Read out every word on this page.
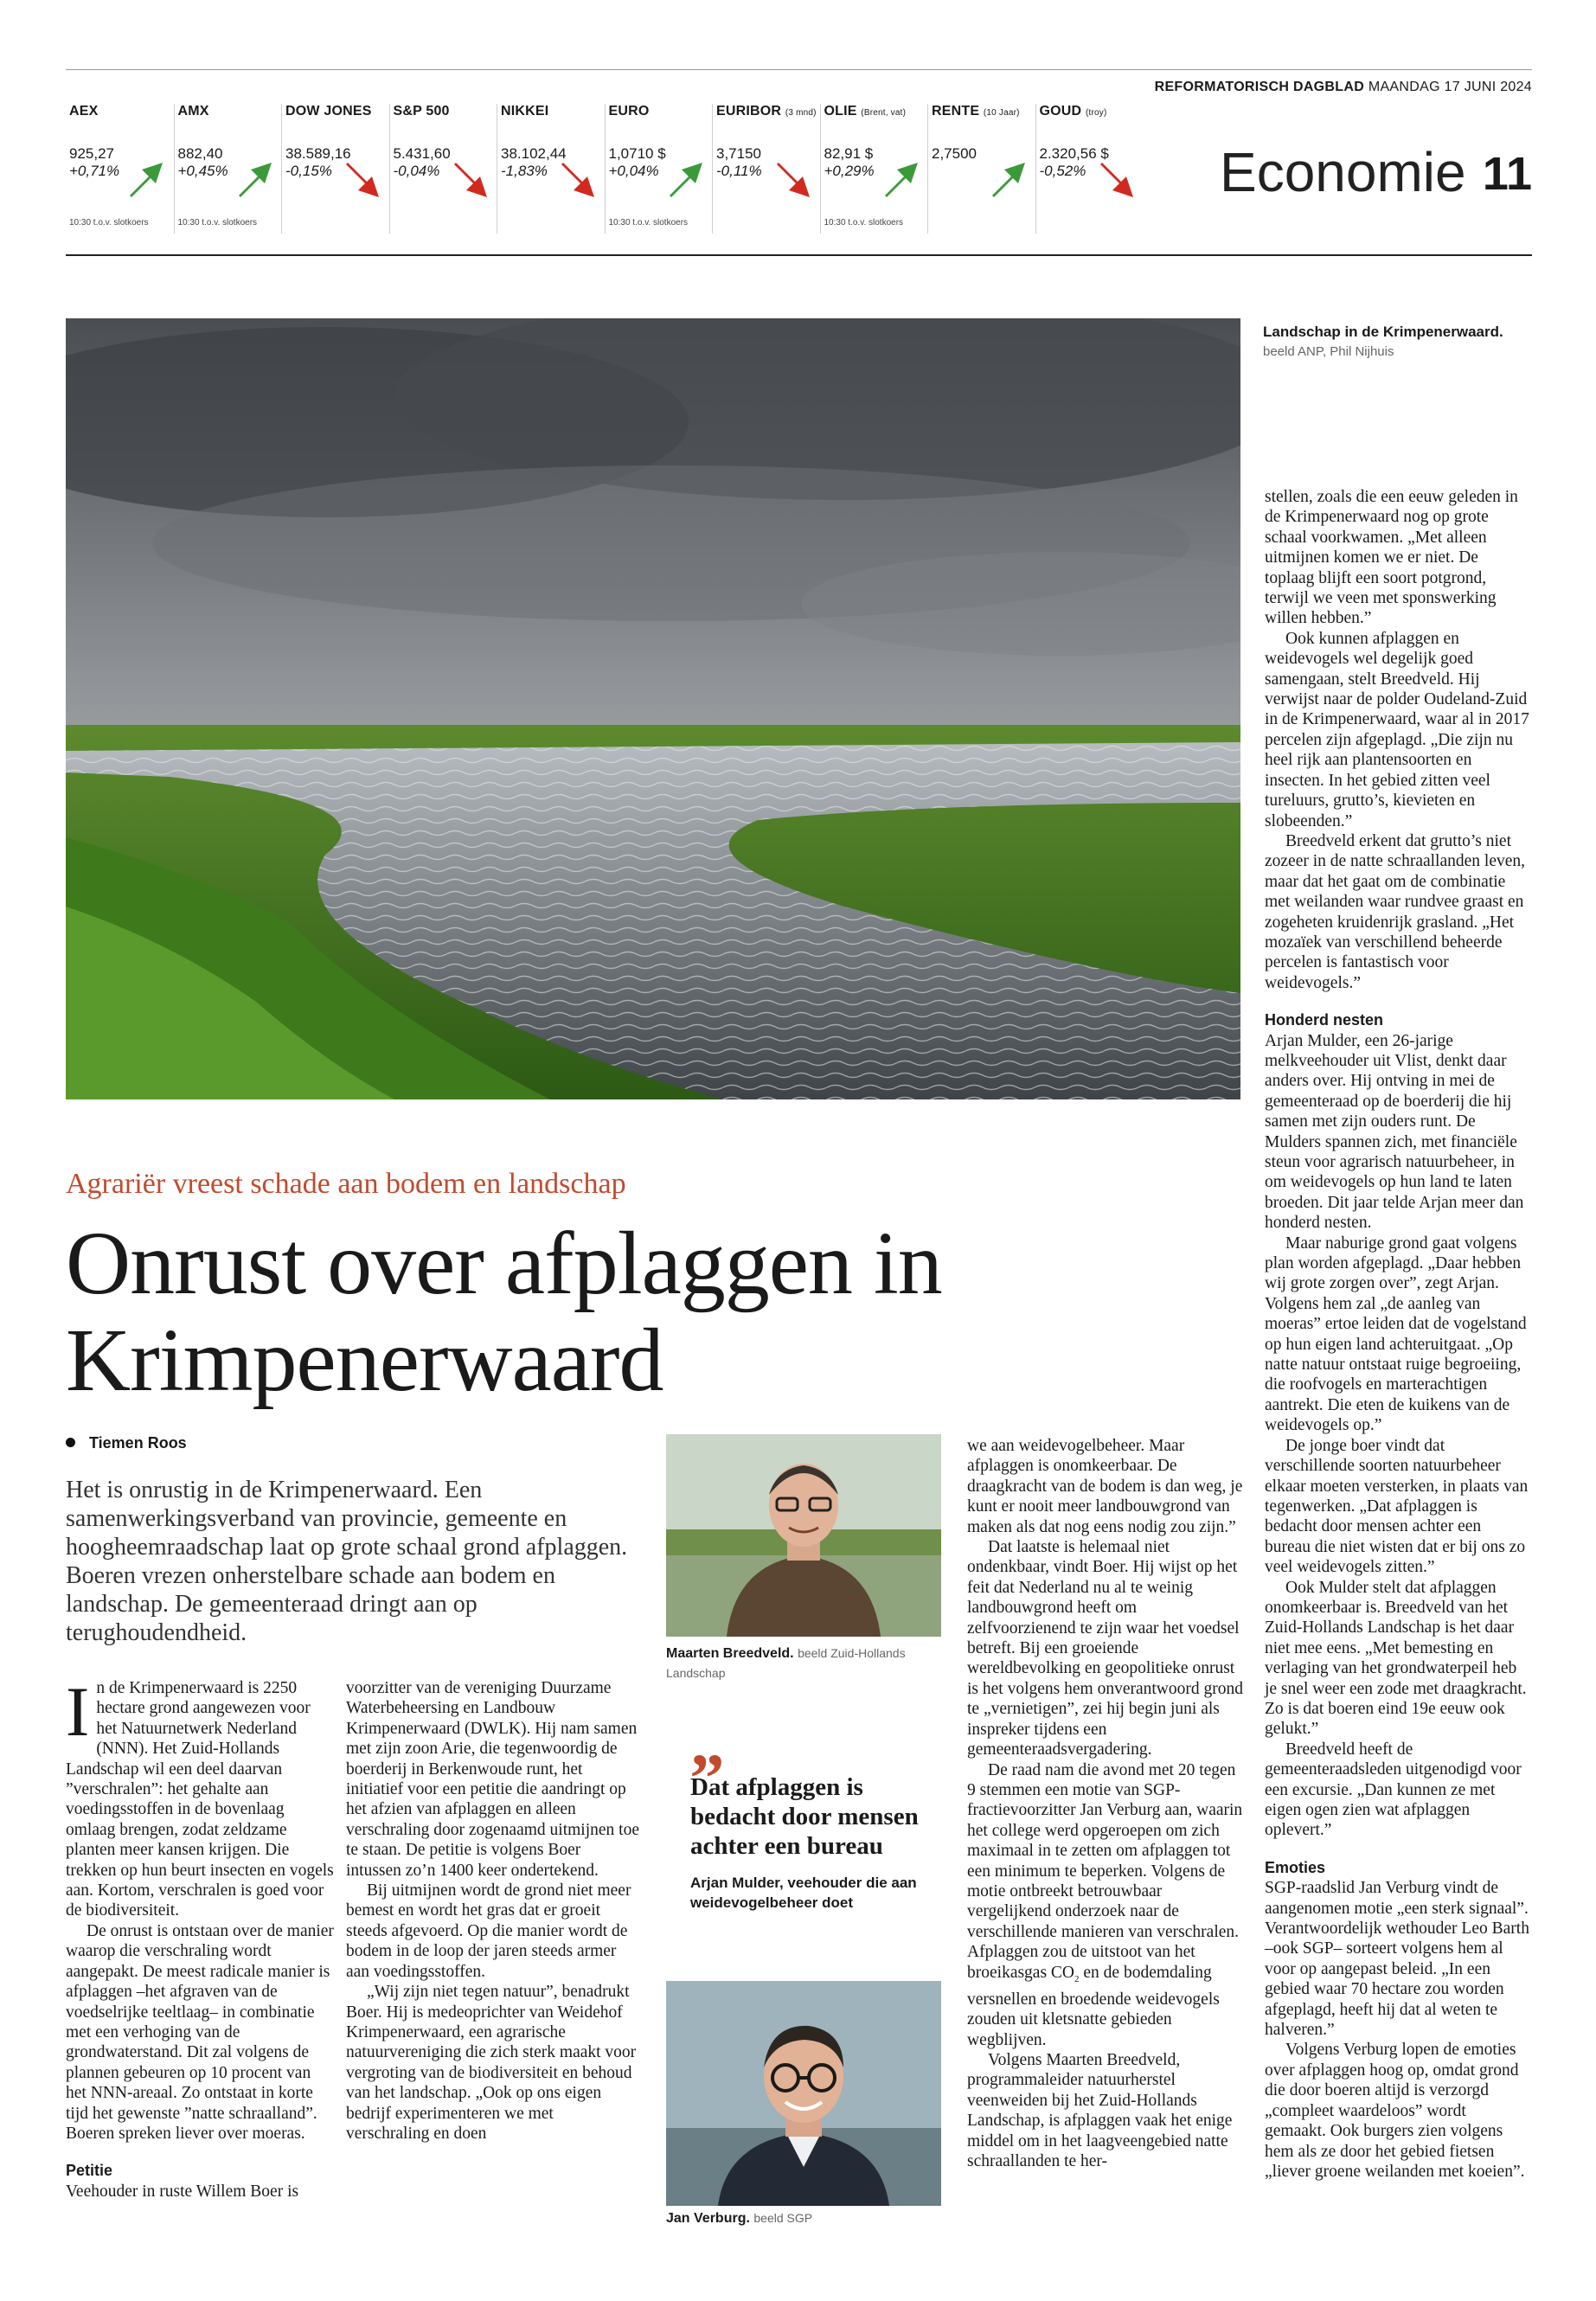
REFORMATORISCH DAGBLAD MAANDAG 17 JUNI 2024
AEX
925,27
+0,71%
10:30 t.o.v. slotkoers
AMX
882,40
+0,45%
10:30 t.o.v. slotkoers
DOW JONES
38.589,16
-0,15%
S&P 500
5.431,60
-0,04%
NIKKEI
38.102,44
-1,83%
EURO
1,0710 $
+0,04%
10:30 t.o.v. slotkoers
EURIBOR (3 mnd)
3,7150
-0,11%
OLIE (Brent, vat)
82,91 $
+0,29%
10:30 t.o.v. slotkoers
RENTE (10 Jaar)
2,7500
GOUD (troy)
2.320,56 $
-0,52%	Economie 11
Landschap in de Krimpenerwaard. beeld ANP, Phil Nijhuis
Agrariër vreest schade aan bodem en landschap
Onrust over afplaggen in Krimpenerwaard
Tiemen Roos
Het is onrustig in de Krimpenerwaard. Een samenwerkingsverband van provincie, gemeente en hoogheemraadschap laat op grote schaal grond afplaggen. Boeren vrezen onherstelbare schade aan bodem en landschap. De gemeenteraad dringt aan op terughoudendheid.

In de Krimpenerwaard is 2250 hectare grond aangewezen voor het Natuurnetwerk Nederland (NNN). Het Zuid-Hollands Landschap wil een deel daarvan ”verschralen”: het gehalte aan voedingsstoffen in de bovenlaag omlaag brengen, zodat zeldzame planten meer kansen krijgen. Die trekken op hun beurt insecten en vogels aan. Kortom, verschralen is goed voor de biodiversiteit.

De onrust is ontstaan over de manier waarop die verschraling wordt aangepakt. De meest radicale manier is afplaggen –het afgraven van de voedselrijke teeltlaag– in combinatie met een verhoging van de grondwaterstand. Dit zal volgens de plannen gebeuren op 10 procent van het NNN-areaal. Zo ontstaat in korte tijd het gewenste ”natte schraalland”. Boeren spreken liever over moeras.

Petitie

Veehouder in ruste Willem Boer is

voorzitter van de vereniging Duurzame Waterbeheersing en Landbouw Krimpenerwaard (DWLK). Hij nam samen met zijn zoon Arie, die tegenwoordig de boerderij in Berkenwoude runt, het initiatief voor een petitie die aandringt op het afzien van afplaggen en alleen verschraling door zogenaamd uitmijnen toe te staan. De petitie is volgens Boer intussen zo’n 1400 keer ondertekend.

Bij uitmijnen wordt de grond niet meer bemest en wordt het gras dat er groeit steeds afgevoerd. Op die manier wordt de bodem in de loop der jaren steeds armer aan voedingsstoffen.

„Wij zijn niet tegen natuur”, benadrukt Boer. Hij is medeoprichter van Weidehof Krimpenerwaard, een agrarische natuurvereniging die zich sterk maakt voor vergroting van de biodiversiteit en behoud van het landschap. „Ook op ons eigen bedrijf experimenteren we met verschraling en doen

Maarten Breedveld. beeld Zuid-Hollands Landschap
„
Dat afplaggen is bedacht door mensen achter een bureau
Arjan Mulder, veehouder die aan weidevogelbeheer doet
Jan Verburg. beeld SGP

we aan weidevogelbeheer. Maar afplaggen is onomkeerbaar. De draagkracht van de bodem is dan weg, je kunt er nooit meer landbouwgrond van maken als dat nog eens nodig zou zijn.”

Dat laatste is helemaal niet ondenkbaar, vindt Boer. Hij wijst op het feit dat Nederland nu al te weinig landbouwgrond heeft om zelfvoorzienend te zijn waar het voedsel betreft. Bij een groeiende wereldbevolking en geopolitieke onrust is het volgens hem onverantwoord grond te „vernietigen”, zei hij begin juni als inspreker tijdens een gemeenteraadsvergadering.

De raad nam die avond met 20 tegen 9 stemmen een motie van SGP-fractievoorzitter Jan Verburg aan, waarin het college werd opgeroepen om zich maximaal in te zetten om afplaggen tot een minimum te beperken. Volgens de motie ontbreekt betrouwbaar vergelijkend onderzoek naar de verschillende manieren van verschralen. Afplaggen zou de uitstoot van het broeikasgas $CO_2$ en de bodemdaling versnellen en broedende weidevogels zouden uit kletsnatte gebieden wegblijven.

Volgens Maarten Breedveld, programmaleider natuurherstel veenweiden bij het Zuid-Hollands Landschap, is afplaggen vaak het enige middel om in het laagveengebied natte schraallanden te her-

stellen, zoals die een eeuw geleden in de Krimpenerwaard nog op grote schaal voorkwamen. „Met alleen uitmijnen komen we er niet. De toplaag blijft een soort potgrond, terwijl we veen met sponswerking willen hebben.”

Ook kunnen afplaggen en weidevogels wel degelijk goed samengaan, stelt Breedveld. Hij verwijst naar de polder Oudeland-Zuid in de Krimpenerwaard, waar al in 2017 percelen zijn afgeplagd. „Die zijn nu heel rijk aan plantensoorten en insecten. In het gebied zitten veel tureluurs, grutto’s, kievieten en slobeenden.”

Breedveld erkent dat grutto’s niet zozeer in de natte schraallanden leven, maar dat het gaat om de combinatie met weilanden waar rundvee graast en zogeheten kruidenrijk grasland. „Het mozaïek van verschillend beheerde percelen is fantastisch voor weidevogels.”

Honderd nesten

Arjan Mulder, een 26-jarige melkveehouder uit Vlist, denkt daar anders over. Hij ontving in mei de gemeenteraad op de boerderij die hij samen met zijn ouders runt. De Mulders spannen zich, met financiële steun voor agrarisch natuurbeheer, in om weidevogels op hun land te laten broeden. Dit jaar telde Arjan meer dan honderd nesten.

Maar naburige grond gaat volgens plan worden afgeplagd. „Daar hebben wij grote zorgen over”, zegt Arjan. Volgens hem zal „de aanleg van moeras” ertoe leiden dat de vogelstand op hun eigen land achteruitgaat. „Op natte natuur ontstaat ruige begroeiing, die roofvogels en marterachtigen aantrekt. Die eten de kuikens van de weidevogels op.”

De jonge boer vindt dat verschillende soorten natuurbeheer elkaar moeten versterken, in plaats van tegenwerken. „Dat afplaggen is bedacht door mensen achter een bureau die niet wisten dat er bij ons zo veel weidevogels zitten.”

Ook Mulder stelt dat afplaggen onomkeerbaar is. Breedveld van het Zuid-Hollands Landschap is het daar niet mee eens. „Met bemesting en verlaging van het grondwaterpeil heb je snel weer een zode met draagkracht. Zo is dat boeren eind 19e eeuw ook gelukt.”

Breedveld heeft de gemeenteraadsleden uitgenodigd voor een excursie. „Dan kunnen ze met eigen ogen zien wat afplaggen oplevert.”

Emoties

SGP-raadslid Jan Verburg vindt de aangenomen motie „een sterk signaal”. Verantwoordelijk wethouder Leo Barth –ook SGP– sorteert volgens hem al voor op aangepast beleid. „In een gebied waar 70 hectare zou worden afgeplagd, heeft hij dat al weten te halveren.”

Volgens Verburg lopen de emoties over afplaggen hoog op, omdat grond die door boeren altijd is verzorgd „compleet waardeloos” wordt gemaakt. Ook burgers zien volgens hem als ze door het gebied fietsen „liever groene weilanden met koeien”.
